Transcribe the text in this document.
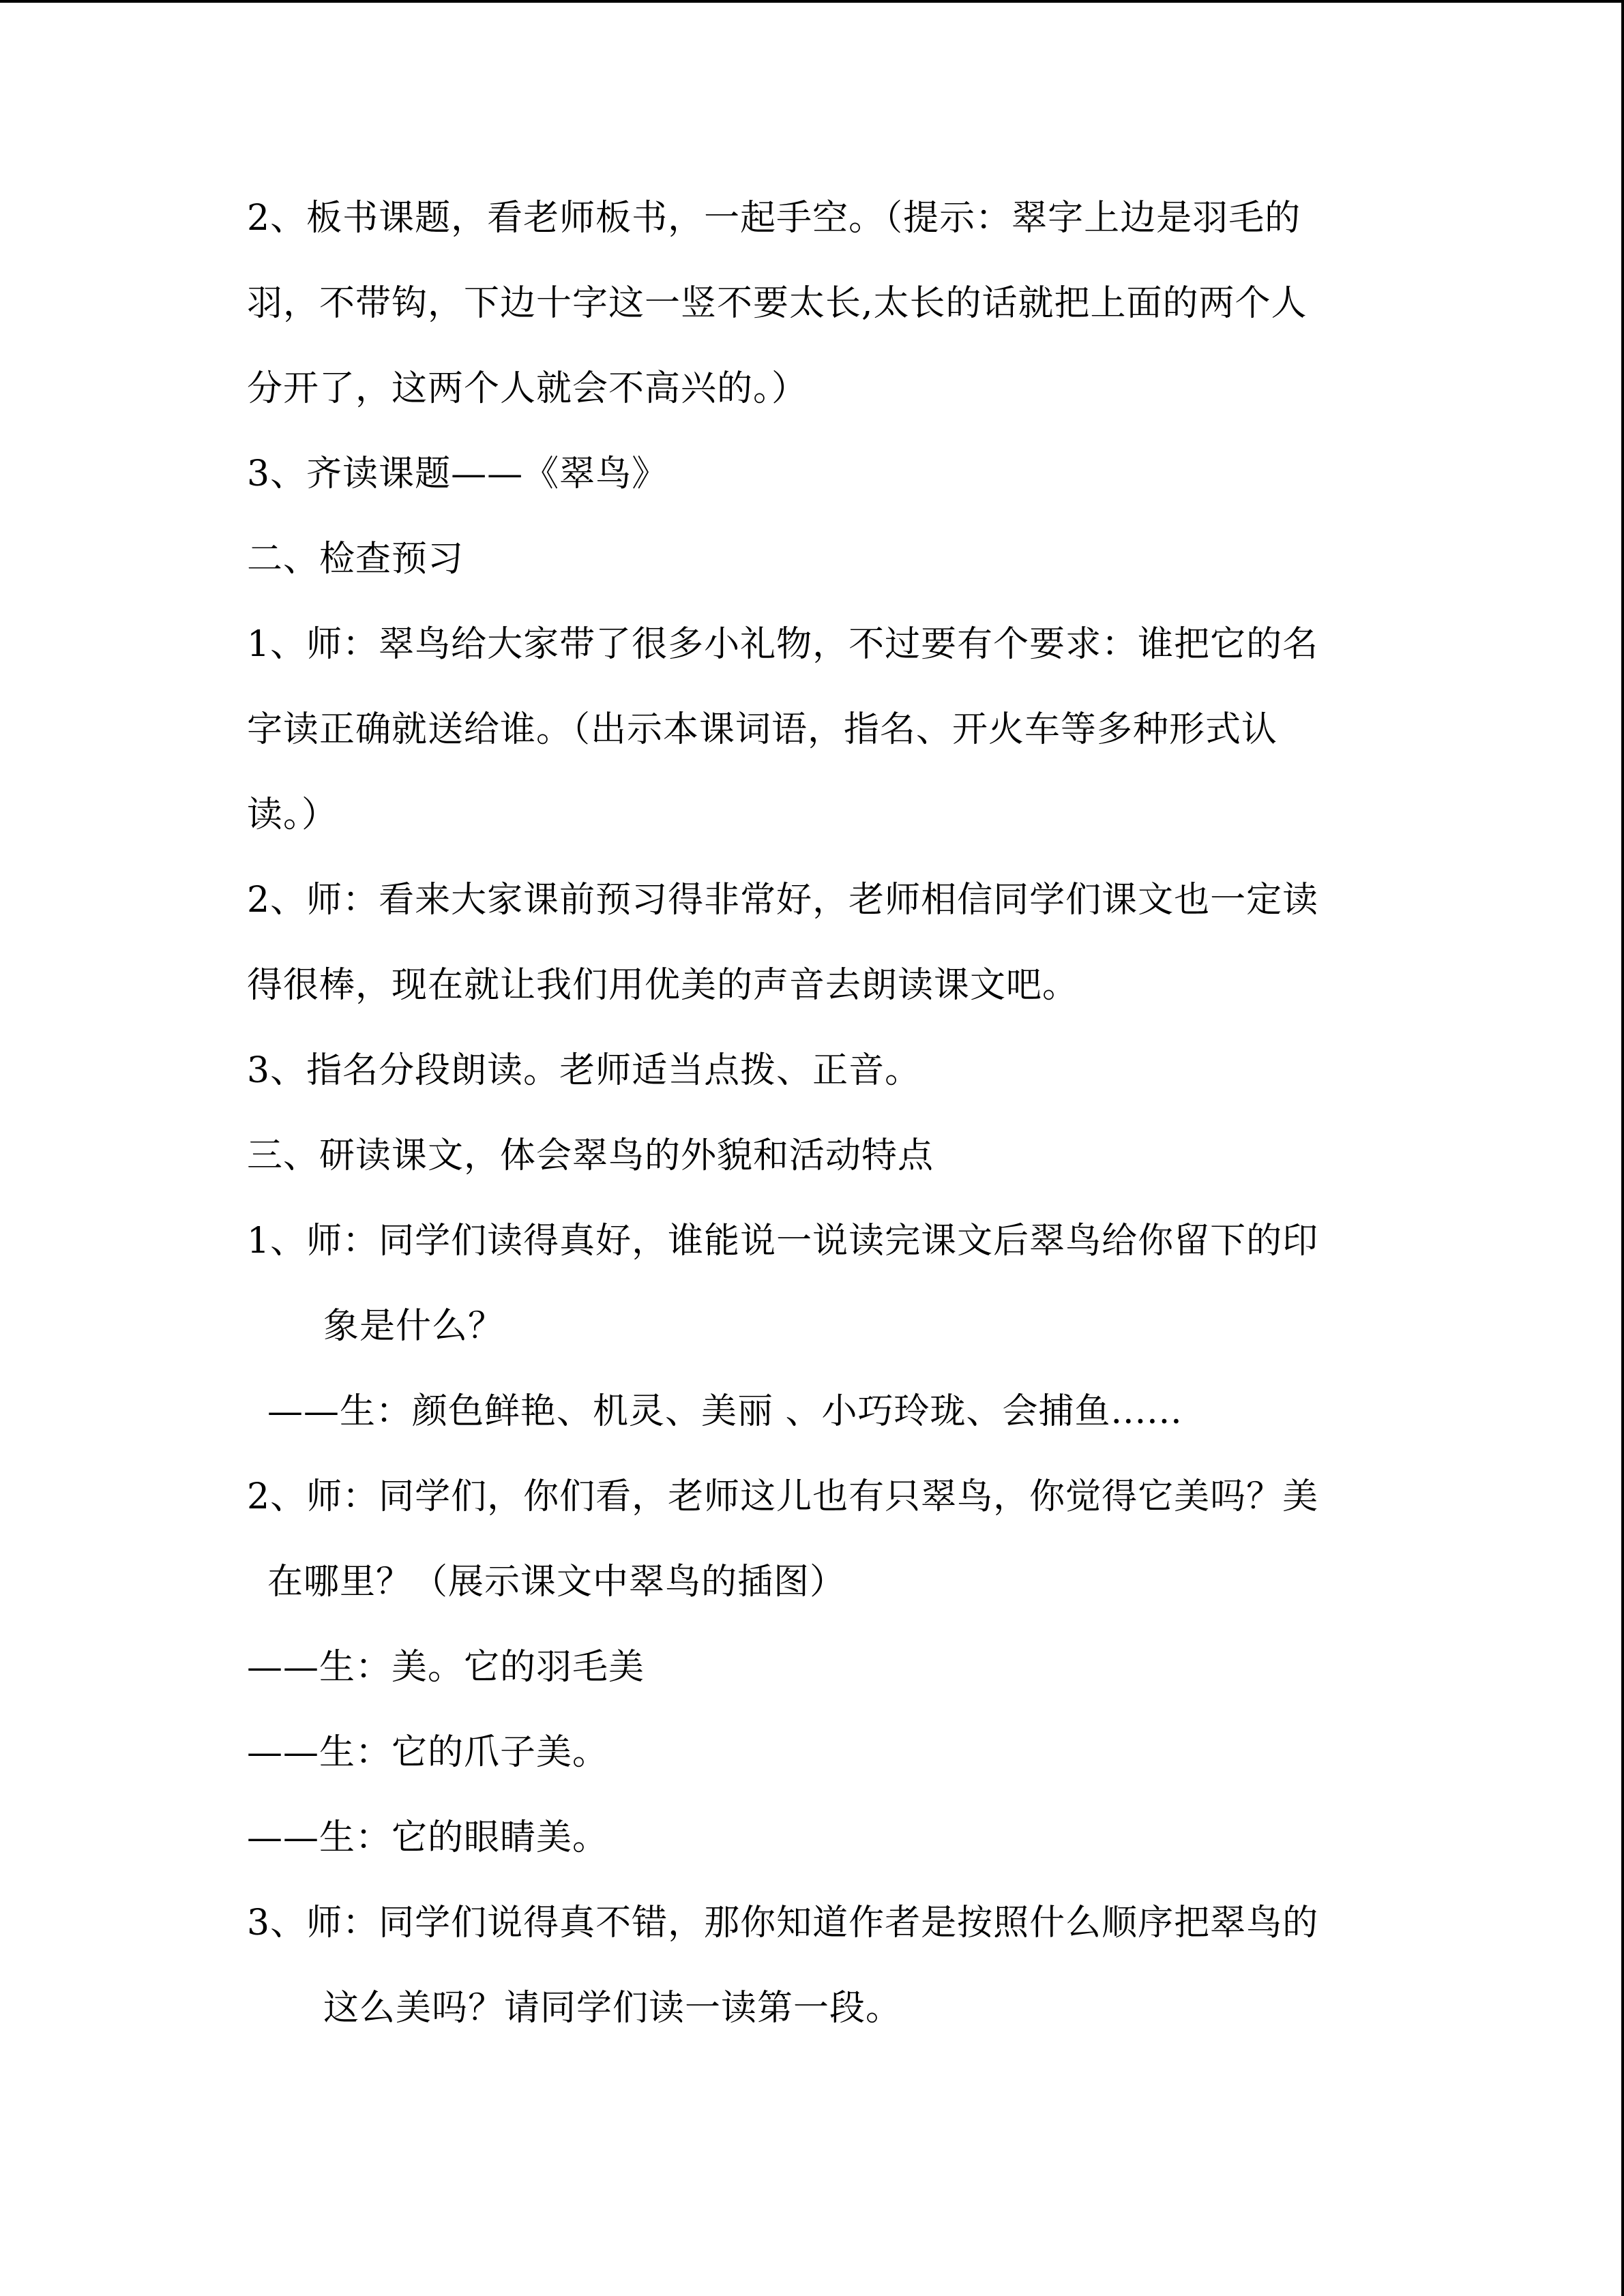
2、板书课题，看老师板书，一起手空。（提示：翠字上边是羽毛的
羽，不带钩，下边十字这一竖不要太长,太长的话就把上面的两个人
分开了，这两个人就会不高兴的。）
3、齐读课题——《翠鸟》
二、检查预习
1、师：翠鸟给大家带了很多小礼物，不过要有个要求：谁把它的名
字读正确就送给谁。（出示本课词语，指名、开火车等多种形式认
读。）
2、师：看来大家课前预习得非常好，老师相信同学们课文也一定读
得很棒，现在就让我们用优美的声音去朗读课文吧。
3、指名分段朗读。老师适当点拨、正音。
三、研读课文，体会翠鸟的外貌和活动特点
1、师：同学们读得真好，谁能说一说读完课文后翠鸟给你留下的印
象是什么？
——生：颜色鲜艳、机灵、美丽 、小巧玲珑、会捕鱼......
2、师：同学们，你们看，老师这儿也有只翠鸟，你觉得它美吗？美
在哪里？（展示课文中翠鸟的插图）
——生：美。它的羽毛美
——生：它的爪子美。
——生：它的眼睛美。
3、师：同学们说得真不错，那你知道作者是按照什么顺序把翠鸟的
这么美吗？请同学们读一读第一段。
